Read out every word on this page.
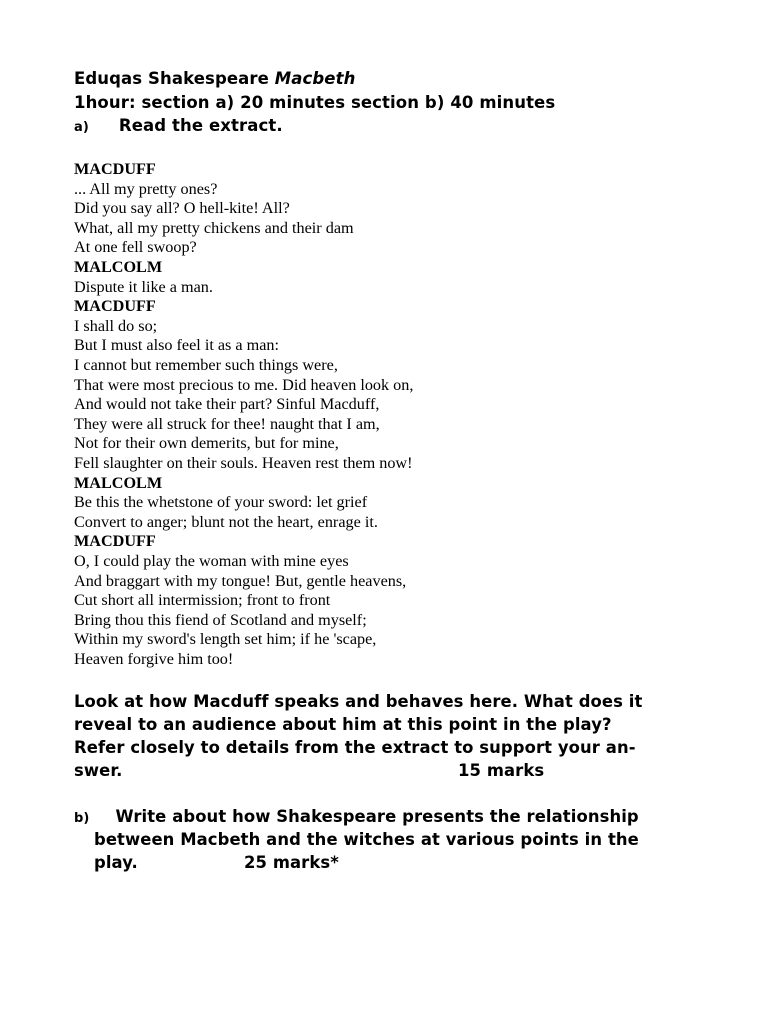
Eduqas Shakespeare Macbeth
1hour: section a) 20 minutes section b) 40 minutes
a) Read the extract.
MACDUFF
... All my pretty ones?
Did you say all? O hell-kite! All?
What, all my pretty chickens and their dam
At one fell swoop?
MALCOLM
Dispute it like a man.
MACDUFF
I shall do so;
But I must also feel it as a man:
I cannot but remember such things were,
That were most precious to me. Did heaven look on,
And would not take their part? Sinful Macduff,
They were all struck for thee! naught that I am,
Not for their own demerits, but for mine,
Fell slaughter on their souls. Heaven rest them now!
MALCOLM
Be this the whetstone of your sword: let grief
Convert to anger; blunt not the heart, enrage it.
MACDUFF
O, I could play the woman with mine eyes
And braggart with my tongue! But, gentle heavens,
Cut short all intermission; front to front
Bring thou this fiend of Scotland and myself;
Within my sword's length set him; if he 'scape,
Heaven forgive him too!
Look at how Macduff speaks and behaves here. What does it
reveal to an audience about him at this point in the play?
Refer closely to details from the extract to support your an-
swer.	15 marks
b) Write about how Shakespeare presents the relationship
between Macbeth and the witches at various points in the
play.	25 marks*
